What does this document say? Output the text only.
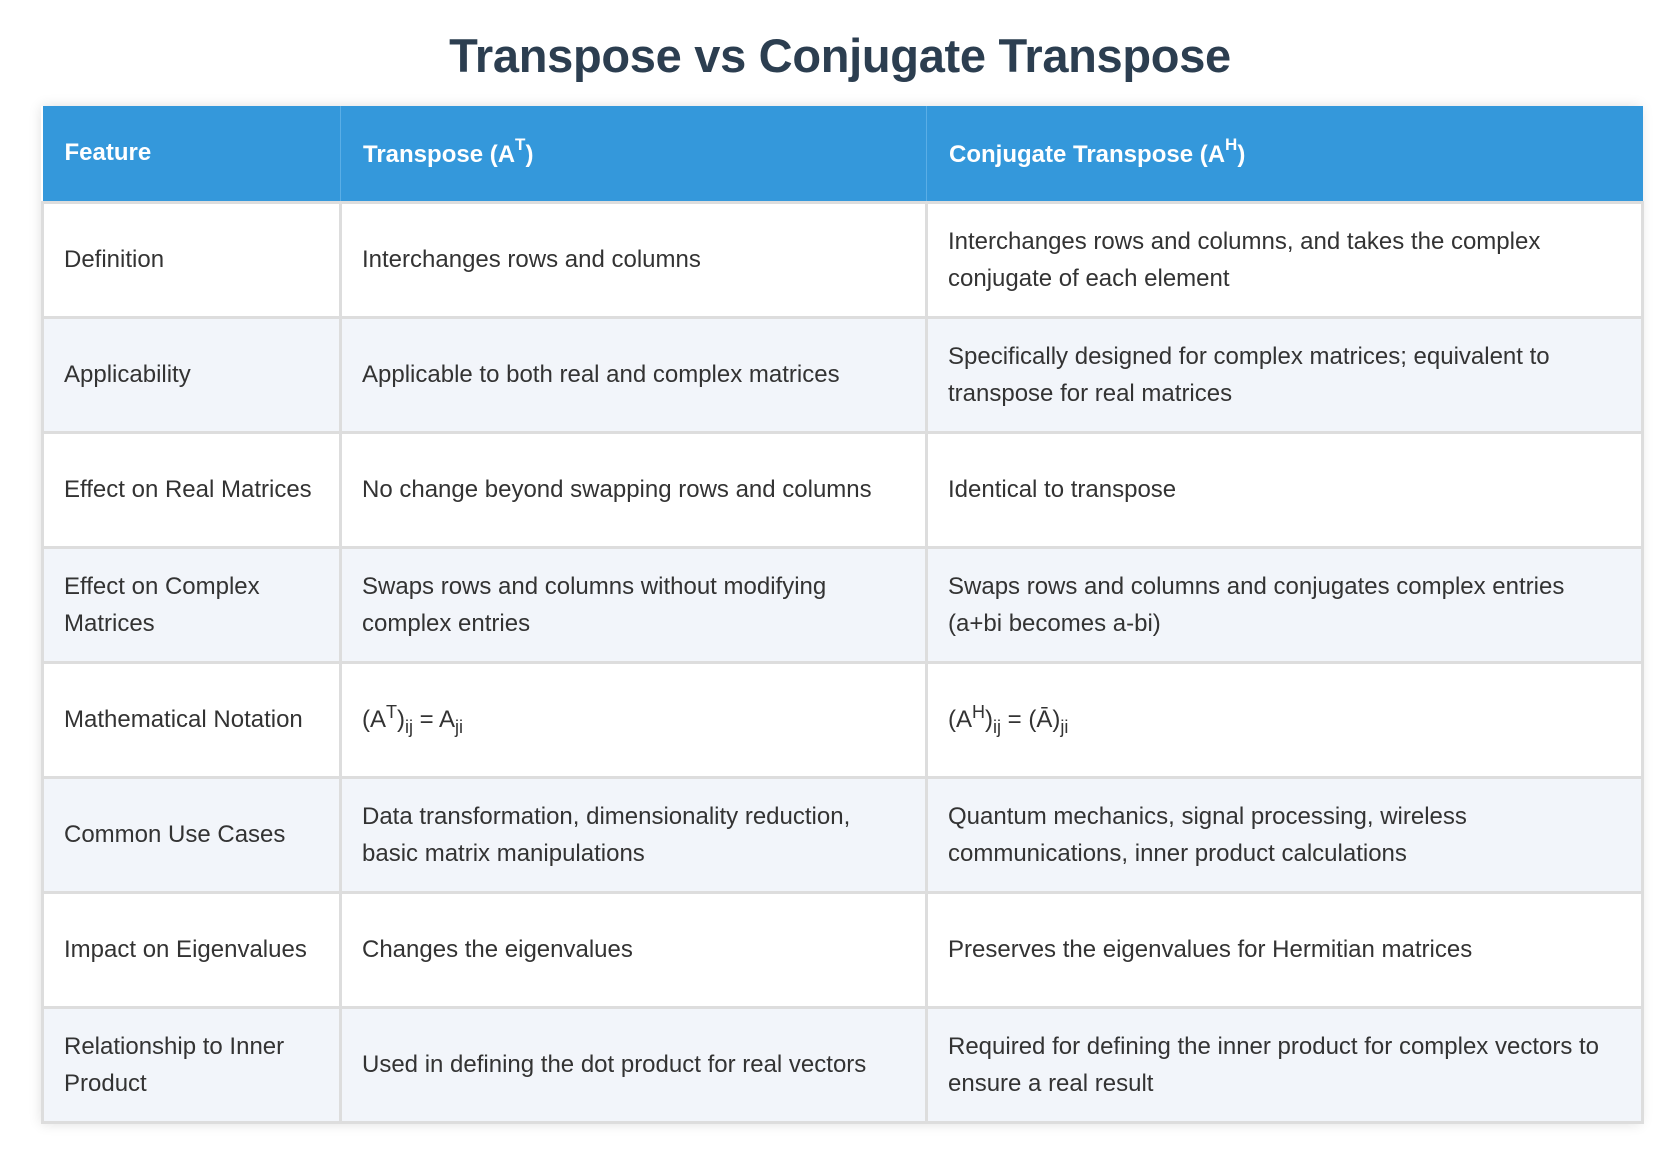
Transpose vs Conjugate Transpose
Feature	Transpose $(A^T)$	Conjugate Transpose $(A^H)$
Definition	Interchanges rows and columns	Interchanges rows and columns, and takes the complex conjugate of each element
Applicability	Applicable to both real and complex matrices	Specifically designed for complex matrices; equivalent to transpose for real matrices
Effect on Real Matrices	No change beyond swapping rows and columns	Identical to transpose
Effect on Complex Matrices	Swaps rows and columns without modifying complex entries	Swaps rows and columns and conjugates complex entries (a+bi becomes a-bi)
Mathematical Notation	$(A^T)_{ij} = A_{ji}$	$(A^H)_{ij}$ = $(Ā)_{ji}$
Common Use Cases	Data transformation, dimensionality reduction, basic matrix manipulations	Quantum mechanics, signal processing, wireless communications, inner product calculations
Impact on Eigenvalues	Changes the eigenvalues	Preserves the eigenvalues for Hermitian matrices
Relationship to Inner Product	Used in defining the dot product for real vectors	Required for defining the inner product for complex vectors to ensure a real result
